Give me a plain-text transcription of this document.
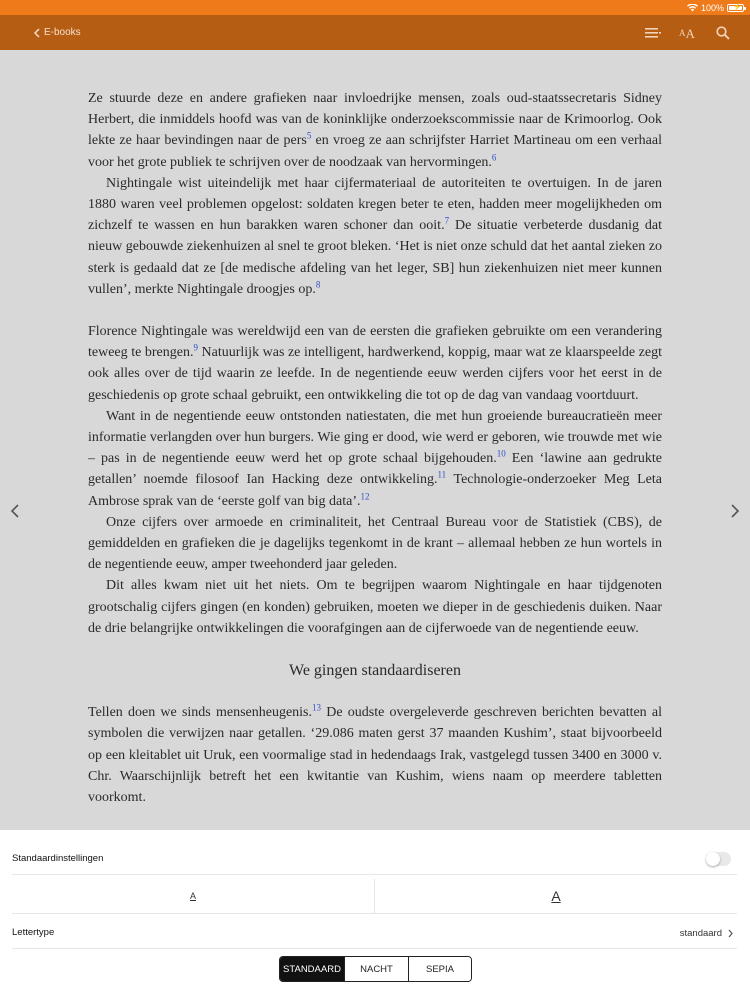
100% ⚡
E-books	A A

Ze stuurde deze en andere grafieken naar invloedrijke mensen, zoals oud-staatssecretaris Sidney Herbert, die inmiddels hoofd was van de koninklijke onderzoekscommissie naar de Krimoorlog. Ook lekte ze haar bevindingen naar de pers$^5$ en vroeg ze aan schrijfster Harriet Martineau om een verhaal voor het grote publiek te schrijven over de noodzaak van hervormingen.$^6$

Nightingale wist uiteindelijk met haar cijfermateriaal de autoriteiten te overtuigen. In de jaren 1880 waren veel problemen opgelost: soldaten kregen beter te eten, hadden meer mogelijkheden om zichzelf te wassen en hun barakken waren schoner dan ooit.$^7$ De situatie verbeterde dusdanig dat nieuw gebouwde ziekenhuizen al snel te groot bleken. ‘Het is niet onze schuld dat het aantal zieken zo sterk is gedaald dat ze [de medische afdeling van het leger, SB] hun ziekenhuizen niet meer kunnen vullen’, merkte Nightingale droogjes op.$^8$

Florence Nightingale was wereldwijd een van de eersten die grafieken gebruikte om een verandering teweeg te brengen.$^9$ Natuurlijk was ze intelligent, hardwerkend, koppig, maar wat ze klaarspeelde zegt ook alles over de tijd waarin ze leefde. In de negentiende eeuw werden cijfers voor het eerst in de geschiedenis op grote schaal gebruikt, een ontwikkeling die tot op de dag van vandaag voortduurt.

Want in de negentiende eeuw ontstonden natiestaten, die met hun groeiende bureaucratieën meer informatie verlangden over hun burgers. Wie ging er dood, wie werd er geboren, wie trouwde met wie – pas in de negentiende eeuw werd het op grote schaal bijgehouden.$^{10}$ Een ‘lawine aan gedrukte getallen’ noemde filosoof Ian Hacking deze ontwikkeling.$^{11}$ Technologie-onderzoeker Meg Leta Ambrose sprak van de ‘eerste golf van big data’.$^{12}$

Onze cijfers over armoede en criminaliteit, het Centraal Bureau voor de Statistiek (CBS), de gemiddelden en grafieken die je dagelijks tegenkomt in de krant – allemaal hebben ze hun wortels in de negentiende eeuw, amper tweehonderd jaar geleden.

Dit alles kwam niet uit het niets. Om te begrijpen waarom Nightingale en haar tijdgenoten grootschalig cijfers gingen (en konden) gebruiken, moeten we dieper in de geschiedenis duiken. Naar de drie belangrijke ontwikkelingen die voorafgingen aan de cijferwoede van de negentiende eeuw.

We gingen standaardiseren

Tellen doen we sinds mensenheugenis.$^{13}$ De oudste overgeleverde geschreven berichten bevatten al symbolen die verwijzen naar getallen. ‘29.086 maten gerst 37 maanden Kushim’, staat bijvoorbeeld op een kleitablet uit Uruk, een voormalige stad in hedendaags Irak, vastgelegd tussen 3400 en 3000 v. Chr. Waarschijnlijk betreft het een kwitantie van Kushim, wiens naam op meerdere tabletten voorkomt.

Standaardinstellingen
A	A
Lettertype	standaard
STANDAARD	NACHT	SEPIA
